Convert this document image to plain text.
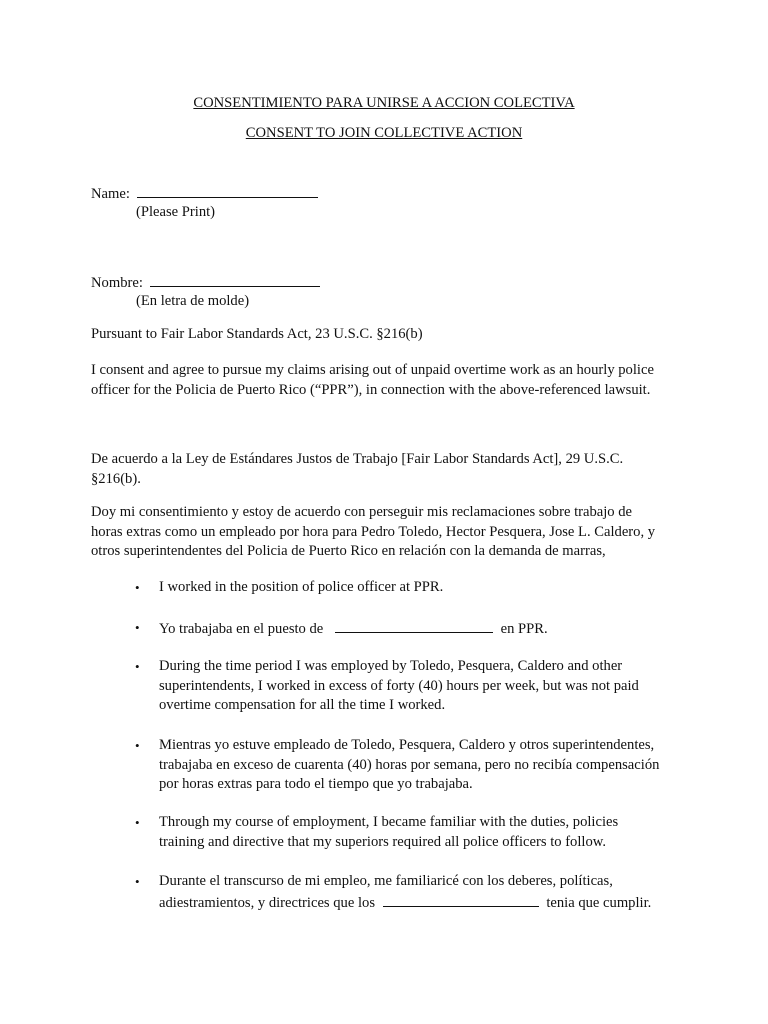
CONSENTIMIENTO PARA UNIRSE A ACCION COLECTIVA
CONSENT TO JOIN COLLECTIVE ACTION
Name:
(Please Print)
Nombre:
(En letra de molde)
Pursuant to Fair Labor Standards Act, 23 U.S.C. §216(b)
I consent and agree to pursue my claims arising out of unpaid overtime work as an hourly police
officer for the Policia de Puerto Rico (“PPR”), in connection with the above-referenced lawsuit.
De acuerdo a la Ley de Estándares Justos de Trabajo [Fair Labor Standards Act], 29 U.S.C.
§216(b).
Doy mi consentimiento y estoy de acuerdo con perseguir mis reclamaciones sobre trabajo de
horas extras como un empleado por hora para Pedro Toledo, Hector Pesquera, Jose L. Caldero, y
otros superintendentes del Policia de Puerto Rico en relación con la demanda de marras,
• I worked in the position of police officer at PPR.
• Yo trabajaba en el puesto de	en PPR.
• During the time period I was employed by Toledo, Pesquera, Caldero and other
superintendents, I worked in excess of forty (40) hours per week, but was not paid
overtime compensation for all the time I worked.
• Mientras yo estuve empleado de Toledo, Pesquera, Caldero y otros superintendentes,
trabajaba en exceso de cuarenta (40) horas por semana, pero no recibía compensación
por horas extras para todo el tiempo que yo trabajaba.
• Through my course of employment, I became familiar with the duties, policies
training and directive that my superiors required all police officers to follow.
• Durante el transcurso de mi empleo, me familiaricé con los deberes, políticas,
adiestramientos, y directrices que los	tenia que cumplir.
